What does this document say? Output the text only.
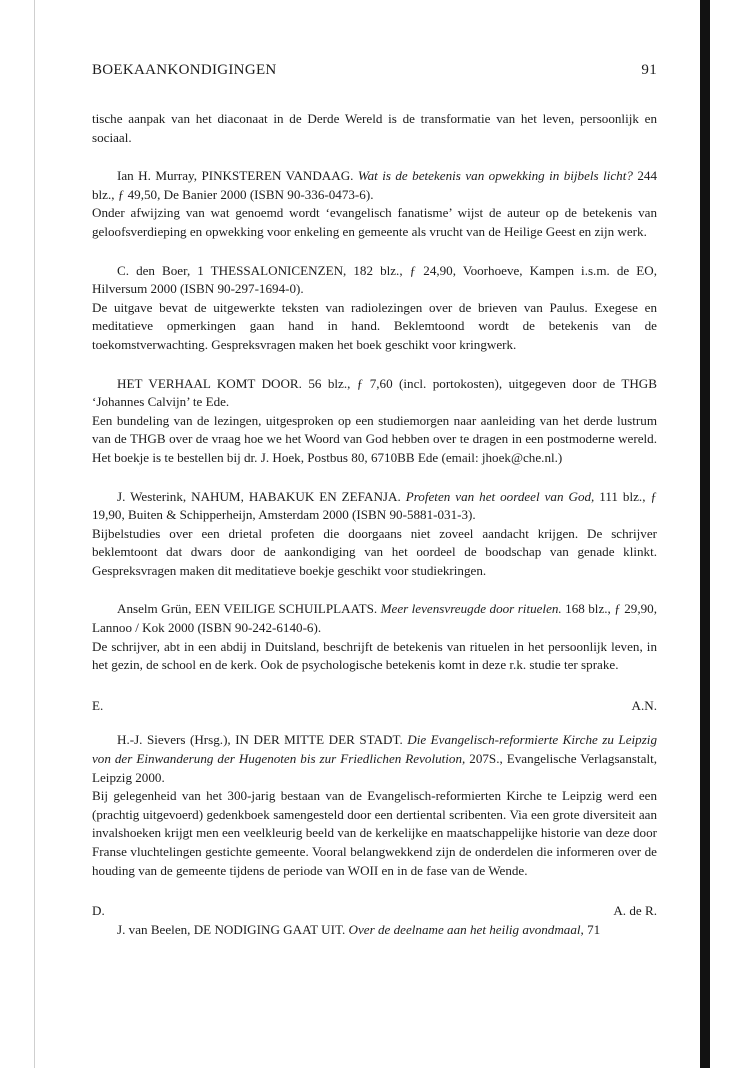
BOEKAANKONDIGINGEN	91

tische aanpak van het diaconaat in de Derde Wereld is de transformatie van het leven, persoonlijk en sociaal.

Ian H. Murray, PINKSTEREN VANDAAG. Wat is de betekenis van opwekking in bijbels licht? 244 blz., ƒ 49,50, De Banier 2000 (ISBN 90-336-0473-6).

Onder afwijzing van wat genoemd wordt ‘evangelisch fanatisme’ wijst de auteur op de betekenis van geloofsverdieping en opwekking voor enkeling en gemeente als vrucht van de Heilige Geest en zijn werk.

C. den Boer, 1 THESSALONICENZEN, 182 blz., ƒ 24,90, Voorhoeve, Kampen i.s.m. de EO, Hilversum 2000 (ISBN 90-297-1694-0).

De uitgave bevat de uitgewerkte teksten van radiolezingen over de brieven van Paulus. Exegese en meditatieve opmerkingen gaan hand in hand. Beklemtoond wordt de betekenis van de toekomstverwachting. Gespreksvragen maken het boek geschikt voor kringwerk.

HET VERHAAL KOMT DOOR. 56 blz., ƒ 7,60 (incl. portokosten), uitgegeven door de THGB ‘Johannes Calvijn’ te Ede.

Een bundeling van de lezingen, uitgesproken op een studiemorgen naar aanleiding van het derde lustrum van de THGB over de vraag hoe we het Woord van God hebben over te dragen in een postmoderne wereld. Het boekje is te bestellen bij dr. J. Hoek, Postbus 80, 6710BB Ede (email: jhoek@che.nl.)

J. Westerink, NAHUM, HABAKUK EN ZEFANJA. Profeten van het oordeel van God, 111 blz., ƒ 19,90, Buiten & Schipperheijn, Amsterdam 2000 (ISBN 90-5881-031-3).

Bijbelstudies over een drietal profeten die doorgaans niet zoveel aandacht krijgen. De schrijver beklemtoont dat dwars door de aankondiging van het oordeel de boodschap van genade klinkt. Gespreksvragen maken dit meditatieve boekje geschikt voor studiekringen.

Anselm Grün, EEN VEILIGE SCHUILPLAATS. Meer levensvreugde door rituelen. 168 blz., ƒ 29,90, Lannoo / Kok 2000 (ISBN 90-242-6140-6).

De schrijver, abt in een abdij in Duitsland, beschrijft de betekenis van rituelen in het persoonlijk leven, in het gezin, de school en de kerk. Ook de psychologische betekenis komt in deze r.k. studie ter sprake.

E.	A.N.

H.-J. Sievers (Hrsg.), IN DER MITTE DER STADT. Die Evangelisch-reformierte Kirche zu Leipzig von der Einwanderung der Hugenoten bis zur Friedlichen Revolution, 207S., Evangelische Verlagsanstalt, Leipzig 2000.

Bij gelegenheid van het 300-jarig bestaan van de Evangelisch-reformierten Kirche te Leipzig werd een (prachtig uitgevoerd) gedenkboek samengesteld door een dertiental scribenten. Via een grote diversiteit aan invalshoeken krijgt men een veelkleurig beeld van de kerkelijke en maatschappelijke historie van deze door Franse vluchtelingen gestichte gemeente. Vooral belangwekkend zijn de onderdelen die informeren over de houding van de gemeente tijdens de periode van WOII en in de fase van de Wende.

D.	A. de R.

J. van Beelen, DE NODIGING GAAT UIT. Over de deelname aan het heilig avondmaal, 71
